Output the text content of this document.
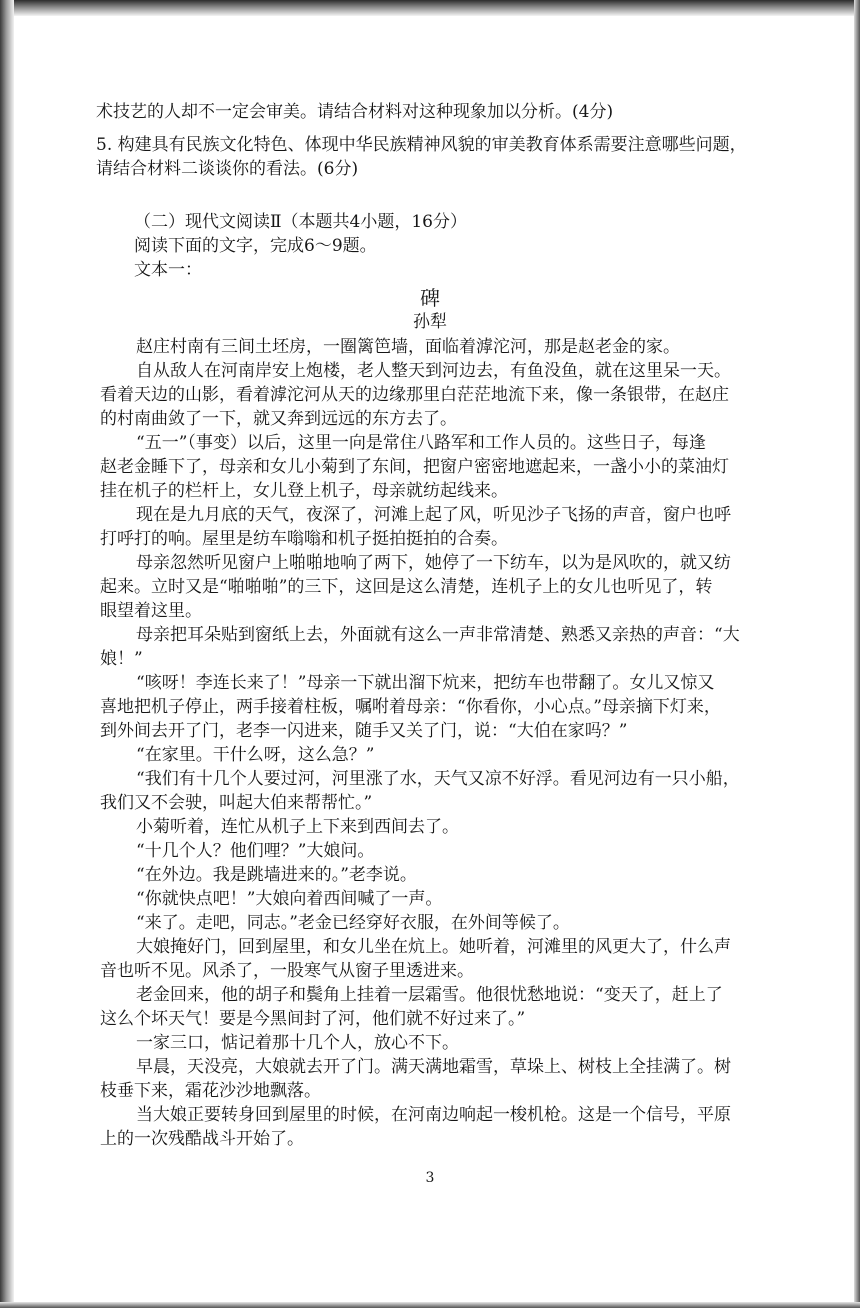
术技艺的人却不一定会审美。请结合材料对这种现象加以分析。(4分)
5. 构建具有民族文化特色、体现中华民族精神风貌的审美教育体系需要注意哪些问题，
请结合材料二谈谈你的看法。(6分)
（二）现代文阅读Ⅱ（本题共4小题，16分）
阅读下面的文字，完成6～9题。
文本一：
碑
孙犁
赵庄村南有三间土坯房，一圈篱笆墙，面临着滹沱河，那是赵老金的家。
自从敌人在河南岸安上炮楼，老人整天到河边去，有鱼没鱼，就在这里呆一天。
看着天边的山影，看着滹沱河从天的边缘那里白茫茫地流下来，像一条银带，在赵庄
的村南曲敛了一下，就又奔到远远的东方去了。
“五一”（事变）以后，这里一向是常住八路军和工作人员的。这些日子，每逢
赵老金睡下了，母亲和女儿小菊到了东间，把窗户密密地遮起来，一盏小小的菜油灯
挂在机子的栏杆上，女儿登上机子，母亲就纺起线来。
现在是九月底的天气，夜深了，河滩上起了风，听见沙子飞扬的声音，窗户也呼
打呼打的响。屋里是纺车嗡嗡和机子挺拍挺拍的合奏。
母亲忽然听见窗户上啪啪地响了两下，她停了一下纺车，以为是风吹的，就又纺
起来。立时又是“啪啪啪”的三下，这回是这么清楚，连机子上的女儿也听见了，转
眼望着这里。
母亲把耳朵贴到窗纸上去，外面就有这么一声非常清楚、熟悉又亲热的声音：“大
娘！”
“咳呀！李连长来了！”母亲一下就出溜下炕来，把纺车也带翻了。女儿又惊又
喜地把机子停止，两手接着柱板，嘱咐着母亲：“你看你，小心点。”母亲摘下灯来，
到外间去开了门，老李一闪进来，随手又关了门，说：“大伯在家吗？”
“在家里。干什么呀，这么急？”
“我们有十几个人要过河，河里涨了水，天气又凉不好浮。看见河边有一只小船，
我们又不会驶，叫起大伯来帮帮忙。”
小菊听着，连忙从机子上下来到西间去了。
“十几个人？他们哩？”大娘问。
“在外边。我是跳墙进来的。”老李说。
“你就快点吧！”大娘向着西间喊了一声。
“来了。走吧，同志。”老金已经穿好衣服，在外间等候了。
大娘掩好门，回到屋里，和女儿坐在炕上。她听着，河滩里的风更大了，什么声
音也听不见。风杀了，一股寒气从窗子里透进来。
老金回来，他的胡子和鬓角上挂着一层霜雪。他很忧愁地说：“变天了，赶上了
这么个坏天气！要是今黑间封了河，他们就不好过来了。”
一家三口，惦记着那十几个人，放心不下。
早晨，天没亮，大娘就去开了门。满天满地霜雪，草垛上、树枝上全挂满了。树
枝垂下来，霜花沙沙地飘落。
当大娘正要转身回到屋里的时候，在河南边响起一梭机枪。这是一个信号，平原
上的一次残酷战斗开始了。
3
